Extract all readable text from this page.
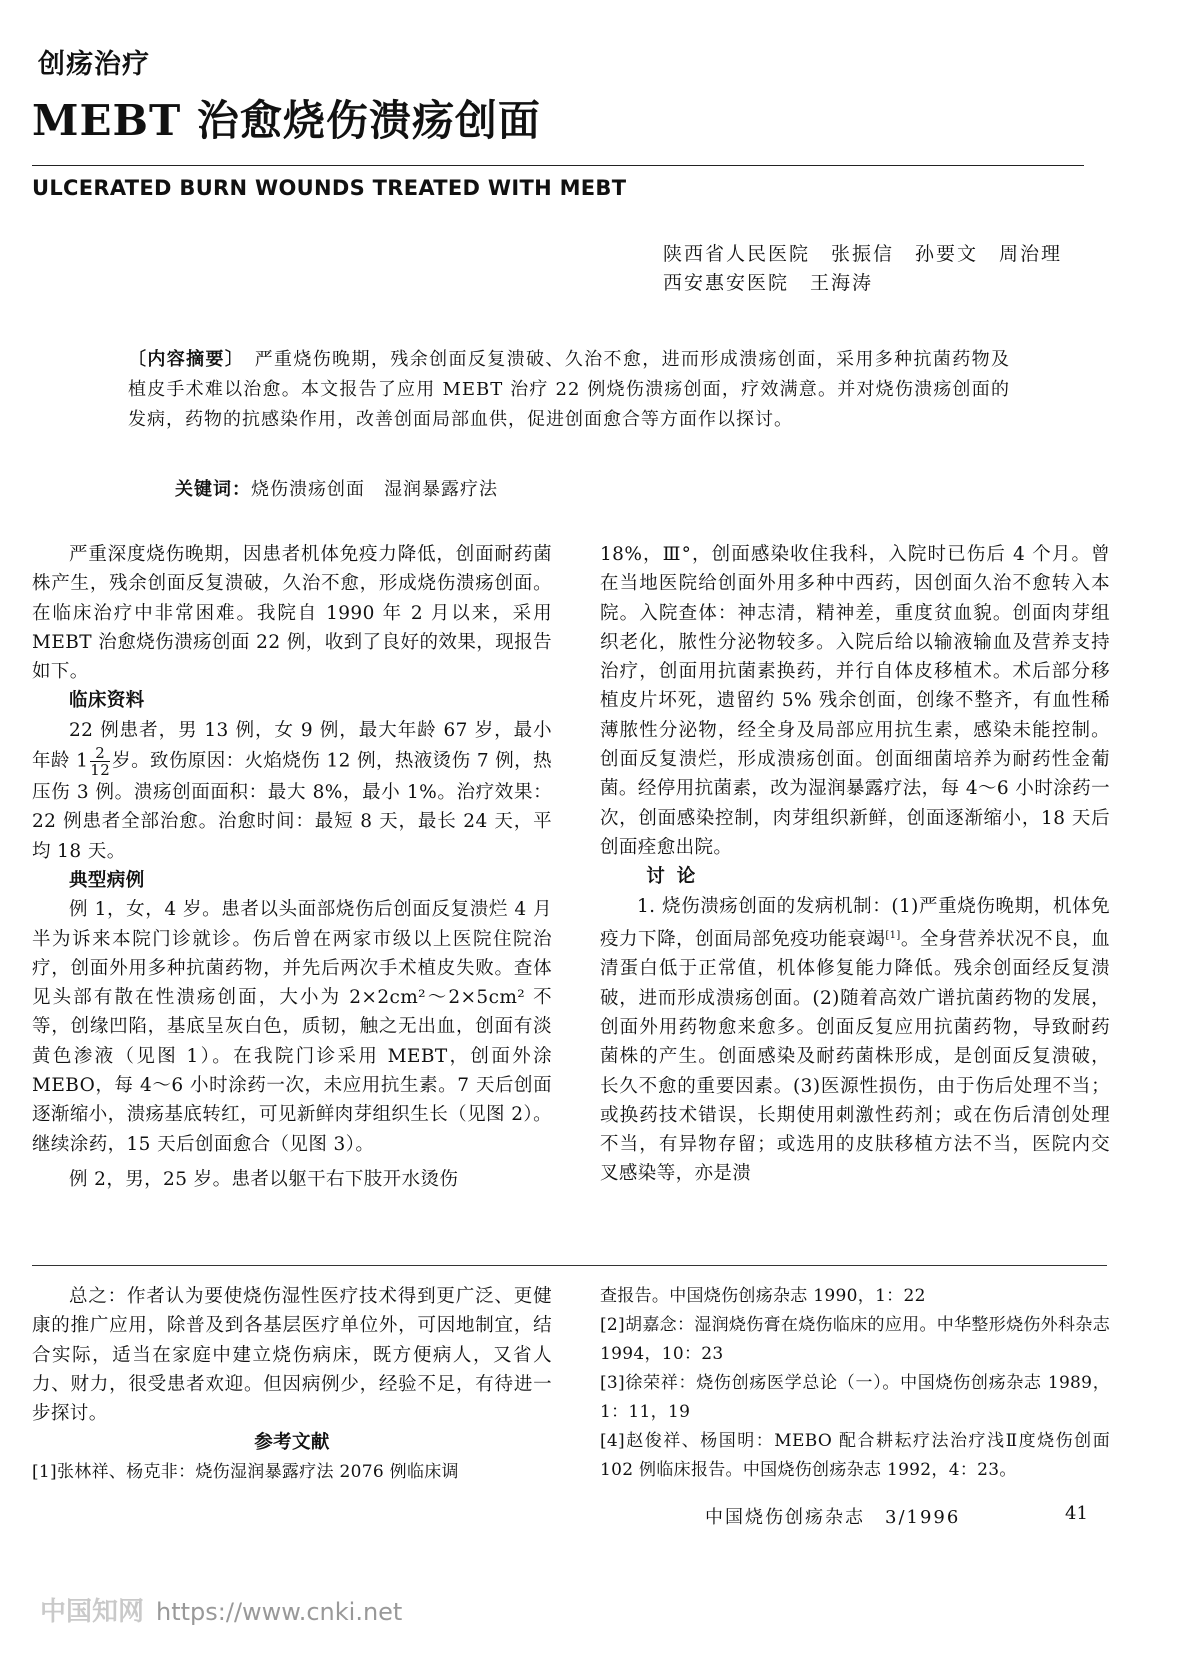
创疡治疗
MEBT 治愈烧伤溃疡创面
ULCERATED BURN WOUNDS TREATED WITH MEBT
陕西省人民医院　张振信　孙要文　周治理
西安惠安医院　王海涛
〔内容摘要〕　 严重烧伤晚期，残余创面反复溃破、久治不愈，进而形成溃疡创面，采用多种抗菌药物及植皮手术难以治愈。本文报告了应用 MEBT 治疗 22 例烧伤溃疡创面，疗效满意。并对烧伤溃疡创面的发病，药物的抗感染作用，改善创面局部血供，促进创面愈合等方面作以探讨。
关键词：烧伤溃疡创面　湿润暴露疗法

严重深度烧伤晚期，因患者机体免疫力降低，创面耐药菌株产生，残余创面反复溃破，久治不愈，形成烧伤溃疡创面。在临床治疗中非常困难。我院自 1990 年 2 月以来，采用 MEBT 治愈烧伤溃疡创面 22 例，收到了良好的效果，现报告如下。

临床资料

22 例患者，男 13 例，女 9 例，最大年龄 67 岁，最小年龄 $1 \frac{2}{12}$ 岁。致伤原因：火焰烧伤 12 例，热液烫伤 7 例，热压伤 3 例。溃疡创面面积：最大 8%，最小 1%。治疗效果：22 例患者全部治愈。治愈时间：最短 8 天，最长 24 天，平均 18 天。

典型病例

例 1，女，4 岁。患者以头面部烧伤后创面反复溃烂 4 月半为诉来本院门诊就诊。伤后曾在两家市级以上医院住院治疗，创面外用多种抗菌药物，并先后两次手术植皮失败。查体见头部有散在性溃疡创面，大小为 2×2cm²～2×5cm² 不等，创缘凹陷，基底呈灰白色，质韧，触之无出血，创面有淡黄色渗液（见图 1）。在我院门诊采用 MEBT，创面外涂 MEBO，每 4～6 小时涂药一次，未应用抗生素。7 天后创面逐渐缩小，溃疡基底转红，可见新鲜肉芽组织生长（见图 2）。继续涂药，15 天后创面愈合（见图 3）。

例 2，男，25 岁。患者以躯干右下肢开水烫伤

18%，Ⅲ°，创面感染收住我科，入院时已伤后 4 个月。曾在当地医院给创面外用多种中西药，因创面久治不愈转入本院。入院查体：神志清，精神差，重度贫血貌。创面肉芽组织老化，脓性分泌物较多。入院后给以输液输血及营养支持治疗，创面用抗菌素换药，并行自体皮移植术。术后部分移植皮片坏死，遗留约 5% 残余创面，创缘不整齐，有血性稀薄脓性分泌物，经全身及局部应用抗生素，感染未能控制。创面反复溃烂，形成溃疡创面。创面细菌培养为耐药性金葡菌。经停用抗菌素，改为湿润暴露疗法，每 4～6 小时涂药一次，创面感染控制，肉芽组织新鲜，创面逐渐缩小，18 天后创面痊愈出院。

讨论

1. 烧伤溃疡创面的发病机制：(1)严重烧伤晚期，机体免疫力下降，创面局部免疫功能衰竭[1]。全身营养状况不良，血清蛋白低于正常值，机体修复能力降低。残余创面经反复溃破，进而形成溃疡创面。(2)随着高效广谱抗菌药物的发展，创面外用药物愈来愈多。创面反复应用抗菌药物，导致耐药菌株的产生。创面感染及耐药菌株形成，是创面反复溃破，长久不愈的重要因素。(3)医源性损伤，由于伤后处理不当；或换药技术错误，长期使用刺激性药剂；或在伤后清创处理不当，有异物存留；或选用的皮肤移植方法不当，医院内交叉感染等，亦是溃

总之：作者认为要使烧伤湿性医疗技术得到更广泛、更健康的推广应用，除普及到各基层医疗单位外，可因地制宜，结合实际，适当在家庭中建立烧伤病床，既方便病人，又省人力、财力，很受患者欢迎。但因病例少，经验不足，有待进一步探讨。

参考文献
[1]张林祥、杨克非：烧伤湿润暴露疗法 2076 例临床调
查报告。中国烧伤创疡杂志 1990，1：22
[2]胡嘉念：湿润烧伤膏在烧伤临床的应用。中华整形烧伤外科杂志 1994，10：23
[3]徐荣祥：烧伤创疡医学总论（一）。中国烧伤创疡杂志 1989，1：11，19
[4]赵俊祥、杨国明：MEBO 配合耕耘疗法治疗浅Ⅱ度烧伤创面 102 例临床报告。中国烧伤创疡杂志 1992，4：23。
中国烧伤创疡杂志　3/1996	41
中国知网 https://www.cnki.net
